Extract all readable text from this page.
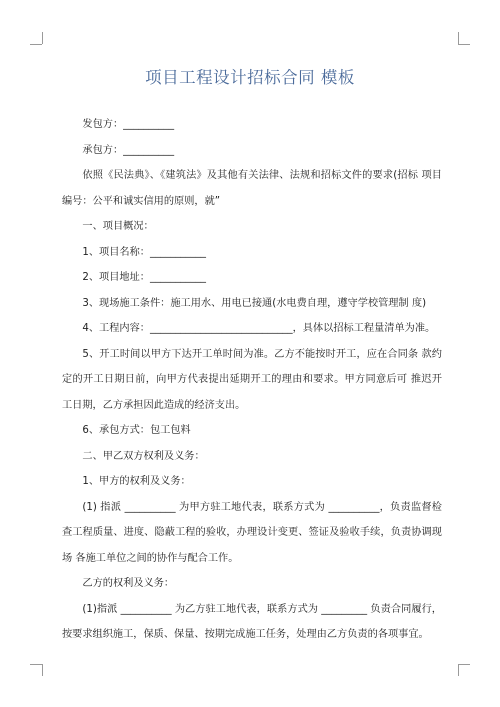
项目工程设计招标合同 模板

发包方：__________

承包方：__________

依照《民法典》、《建筑法》及其他有关法律、法规和招标文件的要求(招标 项目编号：公平和诚实信用的原则，就”

一、项目概况：

1、项目名称：___________

2、项目地址：___________

3、现场施工条件：施工用水、用电已接通(水电费自理，遵守学校管理制 度)

4、工程内容：____________________________，具体以招标工程量清单为准。

5、开工时间以甲方下达开工单时间为准。乙方不能按时开工，应在合同条 款约定的开工日期日前，向甲方代表提出延期开工的理由和要求。甲方同意后可 推迟开工日期，乙方承担因此造成的经济支出。

6、承包方式：包工包料

二、甲乙双方权利及义务：

1、甲方的权利及义务：

(1) 指派 __________ 为甲方驻工地代表，联系方式为 __________，负责监督检查工程质量、进度、隐蔽工程的验收，办理设计变更、签证及验收手续，负责协调现场 各施工单位之间的协作与配合工作。

乙方的权利及义务：

(1)指派 __________ 为乙方驻工地代表，联系方式为 _________ 负责合同履行，按要求组织施工，保质、保量、按期完成施工任务，处理由乙方负责的各项事宜。
